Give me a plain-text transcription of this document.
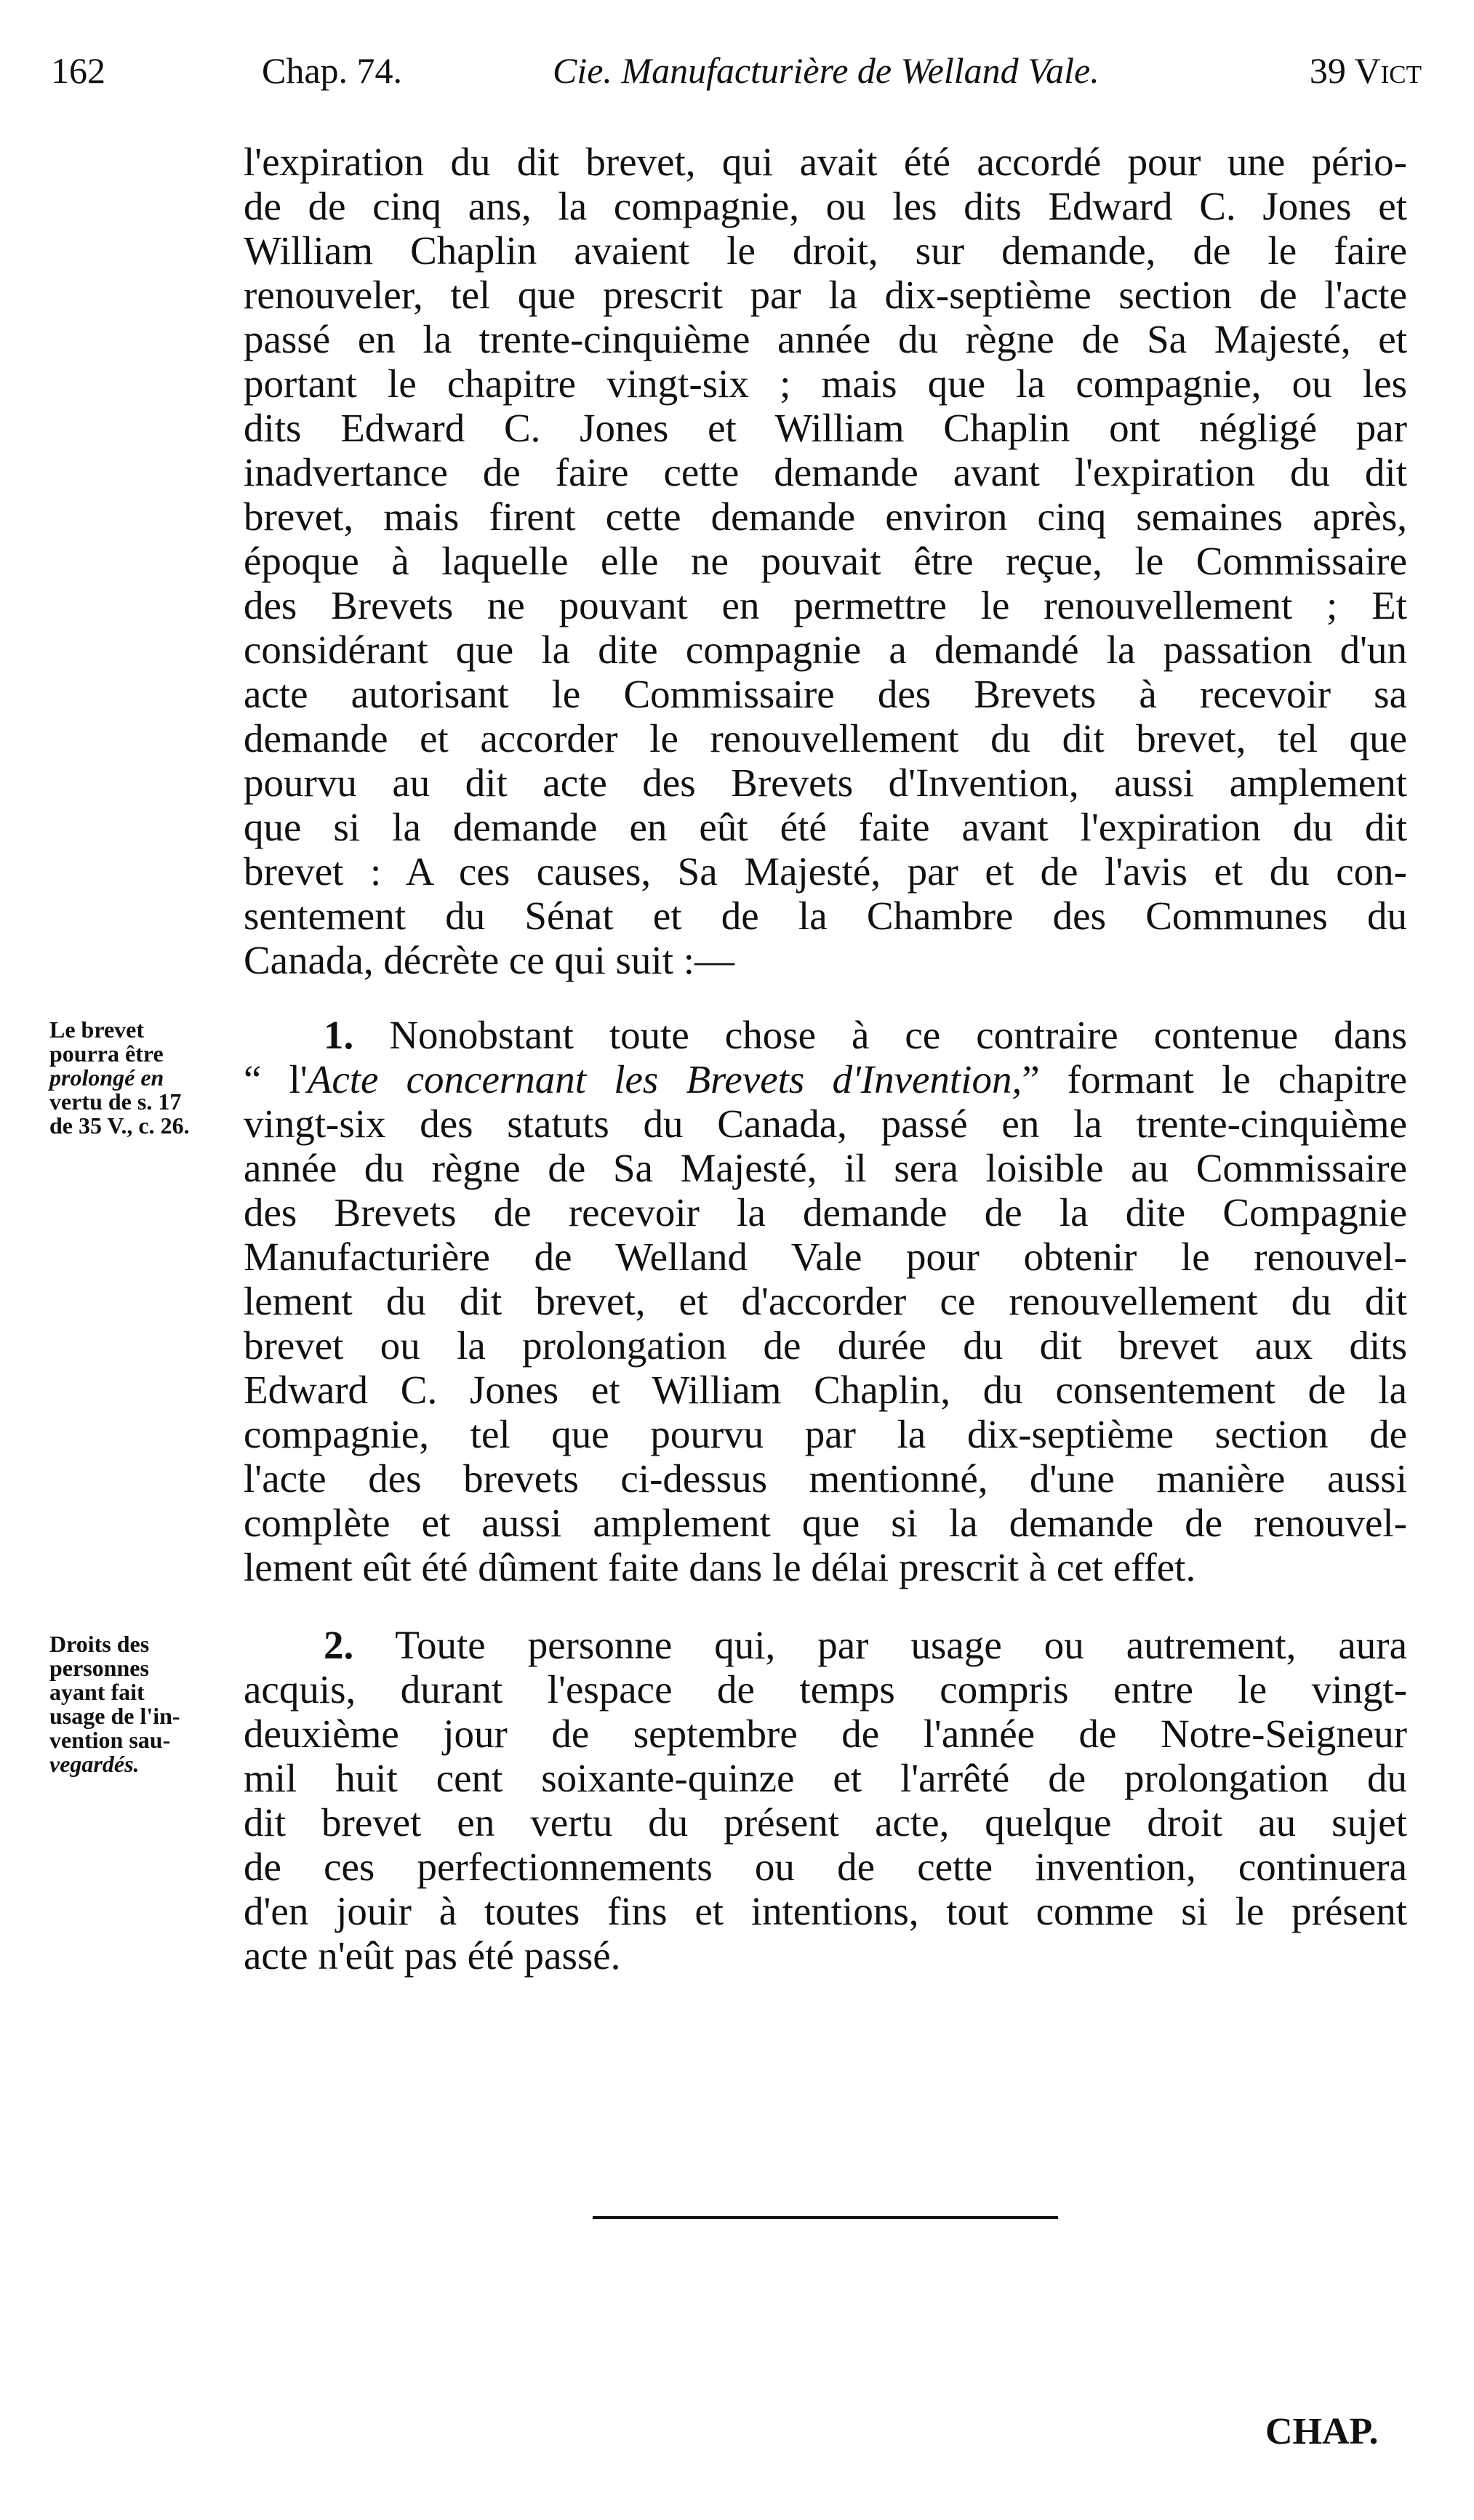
162	Chap. 74.	Cie. Manufacturière de Welland Vale.	39 Vict
l'expiration du dit brevet, qui avait été accordé pour une pério-
de de cinq ans, la compagnie, ou les dits Edward C. Jones et
William Chaplin avaient le droit, sur demande, de le faire
renouveler, tel que prescrit par la dix-septième section de l'acte
passé en la trente-cinquième année du règne de Sa Majesté, et
portant le chapitre vingt-six ; mais que la compagnie, ou les
dits Edward C. Jones et William Chaplin ont négligé par
inadvertance de faire cette demande avant l'expiration du dit
brevet, mais firent cette demande environ cinq semaines après,
époque à laquelle elle ne pouvait être reçue, le Commissaire
des Brevets ne pouvant en permettre le renouvellement ; Et
considérant que la dite compagnie a demandé la passation d'un
acte autorisant le Commissaire des Brevets à recevoir sa
demande et accorder le renouvellement du dit brevet, tel que
pourvu au dit acte des Brevets d'Invention, aussi amplement
que si la demande en eût été faite avant l'expiration du dit
brevet : A ces causes, Sa Majesté, par et de l'avis et du con-
sentement du Sénat et de la Chambre des Communes du
Canada, décrète ce qui suit :—
Le brevet
pourra être
prolongé en
vertu de s. 17
de 35 V., c. 26.
  1. Nonobstant toute chose à ce contraire contenue dans
“ l'Acte concernant les Brevets d'Invention,” formant le chapitre
vingt-six des statuts du Canada, passé en la trente-cinquième
année du règne de Sa Majesté, il sera loisible au Commissaire
des Brevets de recevoir la demande de la dite Compagnie
Manufacturière de Welland Vale pour obtenir le renouvel-
lement du dit brevet, et d'accorder ce renouvellement du dit
brevet ou la prolongation de durée du dit brevet aux dits
Edward C. Jones et William Chaplin, du consentement de la
compagnie, tel que pourvu par la dix-septième section de
l'acte des brevets ci-dessus mentionné, d'une manière aussi
complète et aussi amplement que si la demande de renouvel-
lement eût été dûment faite dans le délai prescrit à cet effet.
Droits des
personnes
ayant fait
usage de l'in-
vention sau-
vegardés.
  2. Toute personne qui, par usage ou autrement, aura
acquis, durant l'espace de temps compris entre le vingt-
deuxième jour de septembre de l'année de Notre-Seigneur
mil huit cent soixante-quinze et l'arrêté de prolongation du
dit brevet en vertu du présent acte, quelque droit au sujet
de ces perfectionnements ou de cette invention, continuera
d'en jouir à toutes fins et intentions, tout comme si le présent
acte n'eût pas été passé.
CHAP.
